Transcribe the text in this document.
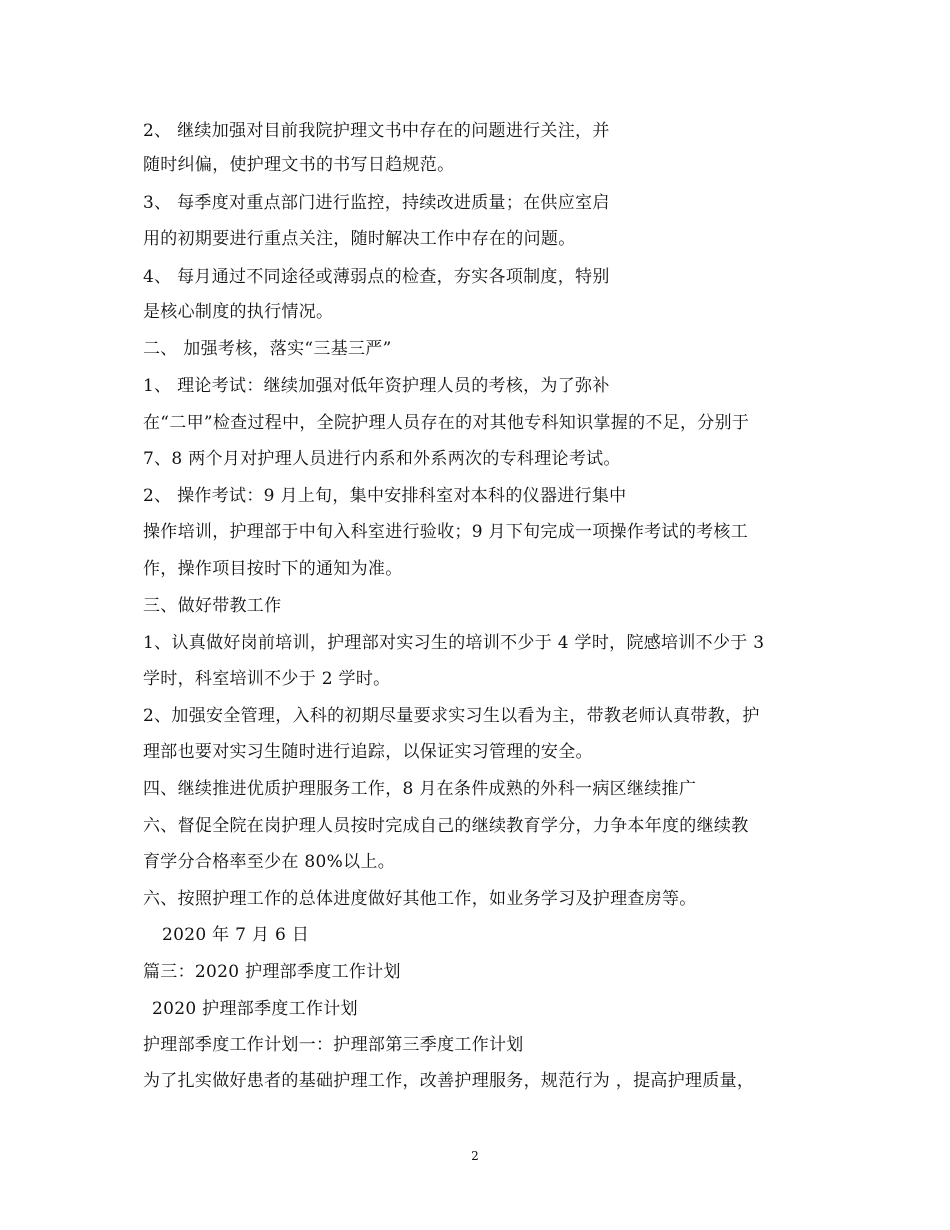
2、 继续加强对目前我院护理文书中存在的问题进行关注，并
随时纠偏，使护理文书的书写日趋规范。
3、 每季度对重点部门进行监控，持续改进质量；在供应室启
用的初期要进行重点关注，随时解决工作中存在的问题。
4、 每月通过不同途径或薄弱点的检查，夯实各项制度，特别
是核心制度的执行情况。
二、 加强考核，落实“三基三严”
1、 理论考试：继续加强对低年资护理人员的考核，为了弥补
在“二甲”检查过程中，全院护理人员存在的对其他专科知识掌握的不足，分别于
7、8 两个月对护理人员进行内系和外系两次的专科理论考试。
2、 操作考试：9 月上旬，集中安排科室对本科的仪器进行集中
操作培训，护理部于中旬入科室进行验收；9 月下旬完成一项操作考试的考核工
作，操作项目按时下的通知为准。
三、做好带教工作
1、认真做好岗前培训，护理部对实习生的培训不少于 4 学时，院感培训不少于 3
学时，科室培训不少于 2 学时。
2、加强安全管理，入科的初期尽量要求实习生以看为主，带教老师认真带教，护
理部也要对实习生随时进行追踪，以保证实习管理的安全。
四、继续推进优质护理服务工作，8 月在条件成熟的外科一病区继续推广
六、督促全院在岗护理人员按时完成自己的继续教育学分，力争本年度的继续教
育学分合格率至少在 80%以上。
六、按照护理工作的总体进度做好其他工作，如业务学习及护理查房等。
2020 年 7 月 6 日
篇三：2020 护理部季度工作计划
2020 护理部季度工作计划
护理部季度工作计划一：护理部第三季度工作计划
为了扎实做好患者的基础护理工作，改善护理服务，规范行为 ，提高护理质量，
2
